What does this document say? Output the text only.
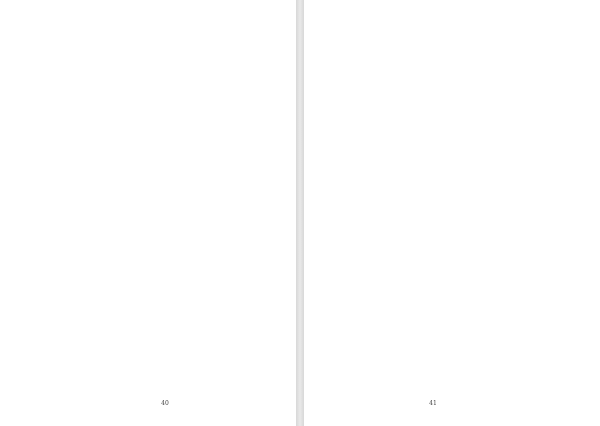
40	41
